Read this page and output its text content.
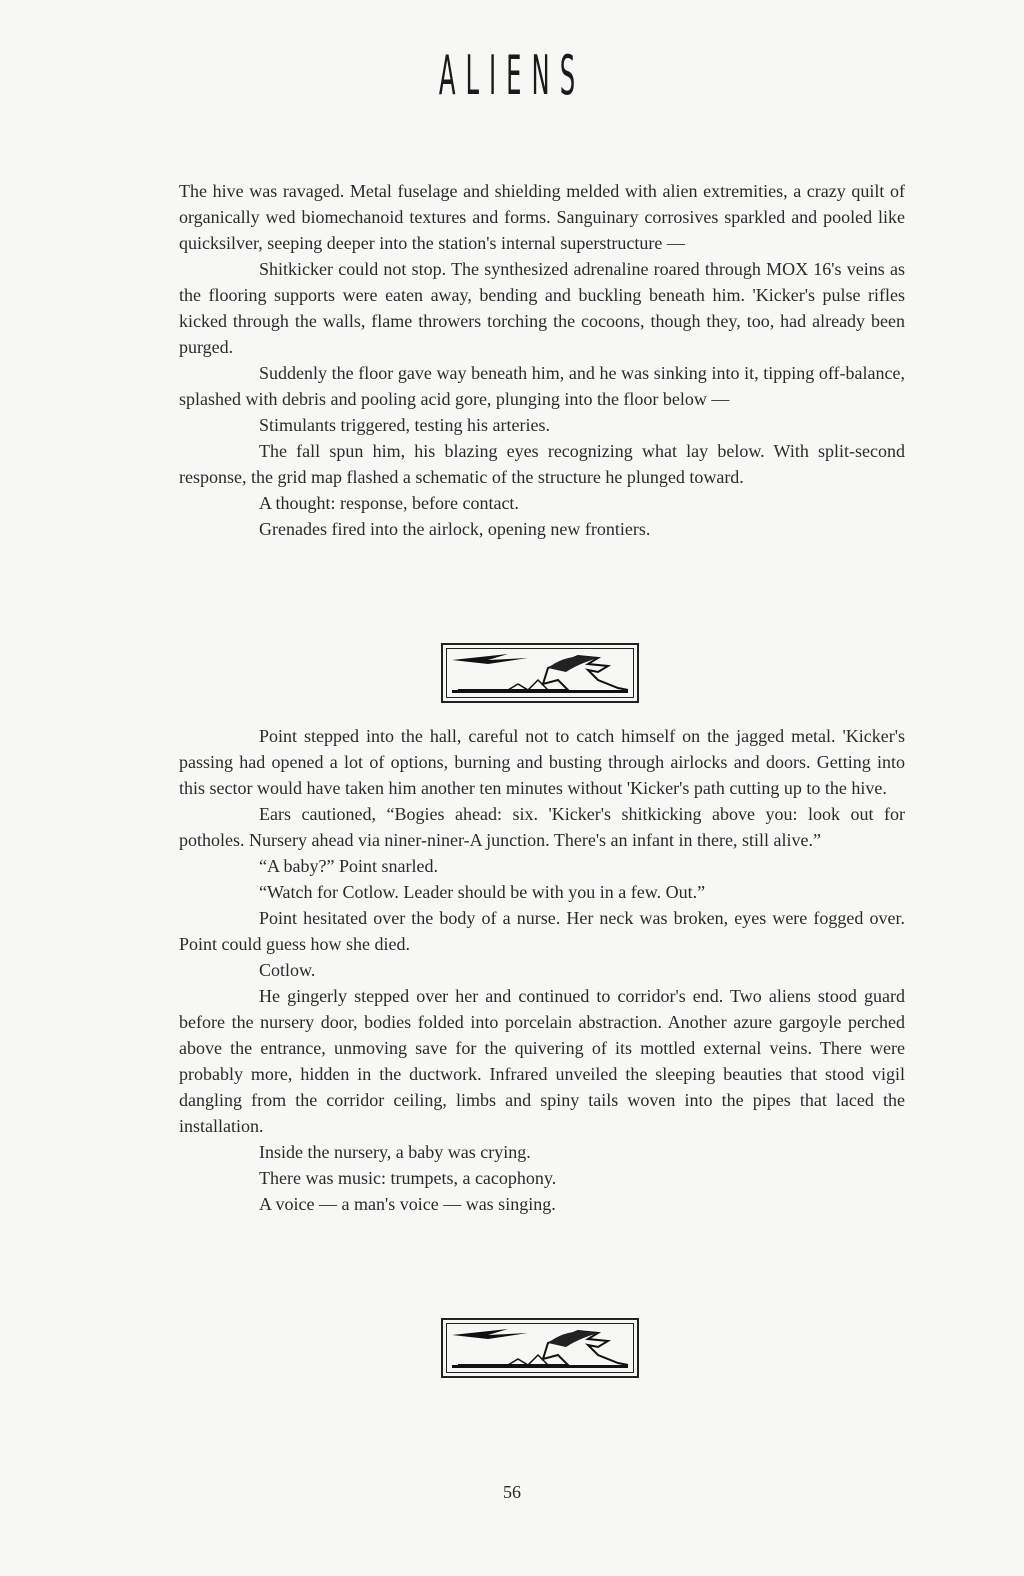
ALIENS

The hive was ravaged. Metal fuselage and shielding melded with alien extremities, a crazy quilt of organically wed biomechanoid textures and forms. Sanguinary corrosives sparkled and pooled like quicksilver, seeping deeper into the station's internal superstructure —

Shitkicker could not stop. The synthesized adrenaline roared through MOX 16's veins as the flooring supports were eaten away, bending and buckling beneath him. 'Kicker's pulse rifles kicked through the walls, flame throwers torching the cocoons, though they, too, had already been purged.

Suddenly the floor gave way beneath him, and he was sinking into it, tipping off-balance, splashed with debris and pooling acid gore, plunging into the floor below —

Stimulants triggered, testing his arteries.

The fall spun him, his blazing eyes recognizing what lay below. With split-second response, the grid map flashed a schematic of the structure he plunged toward.

A thought: response, before contact.

Grenades fired into the airlock, opening new frontiers.

Point stepped into the hall, careful not to catch himself on the jagged metal. 'Kicker's passing had opened a lot of options, burning and busting through airlocks and doors. Getting into this sector would have taken him another ten minutes without 'Kicker's path cutting up to the hive.

Ears cautioned, “Bogies ahead: six. 'Kicker's shitkicking above you: look out for potholes. Nursery ahead via niner-niner-A junction. There's an infant in there, still alive.”

“A baby?” Point snarled.

“Watch for Cotlow. Leader should be with you in a few. Out.”

Point hesitated over the body of a nurse. Her neck was broken, eyes were fogged over. Point could guess how she died.

Cotlow.

He gingerly stepped over her and continued to corridor's end. Two aliens stood guard before the nursery door, bodies folded into porcelain abstraction. Another azure gargoyle perched above the entrance, unmoving save for the quivering of its mottled external veins. There were probably more, hidden in the ductwork. Infrared unveiled the sleeping beauties that stood vigil dangling from the corridor ceiling, limbs and spiny tails woven into the pipes that laced the installation.

Inside the nursery, a baby was crying.

There was music: trumpets, a cacophony.

A voice — a man's voice — was singing.

56
